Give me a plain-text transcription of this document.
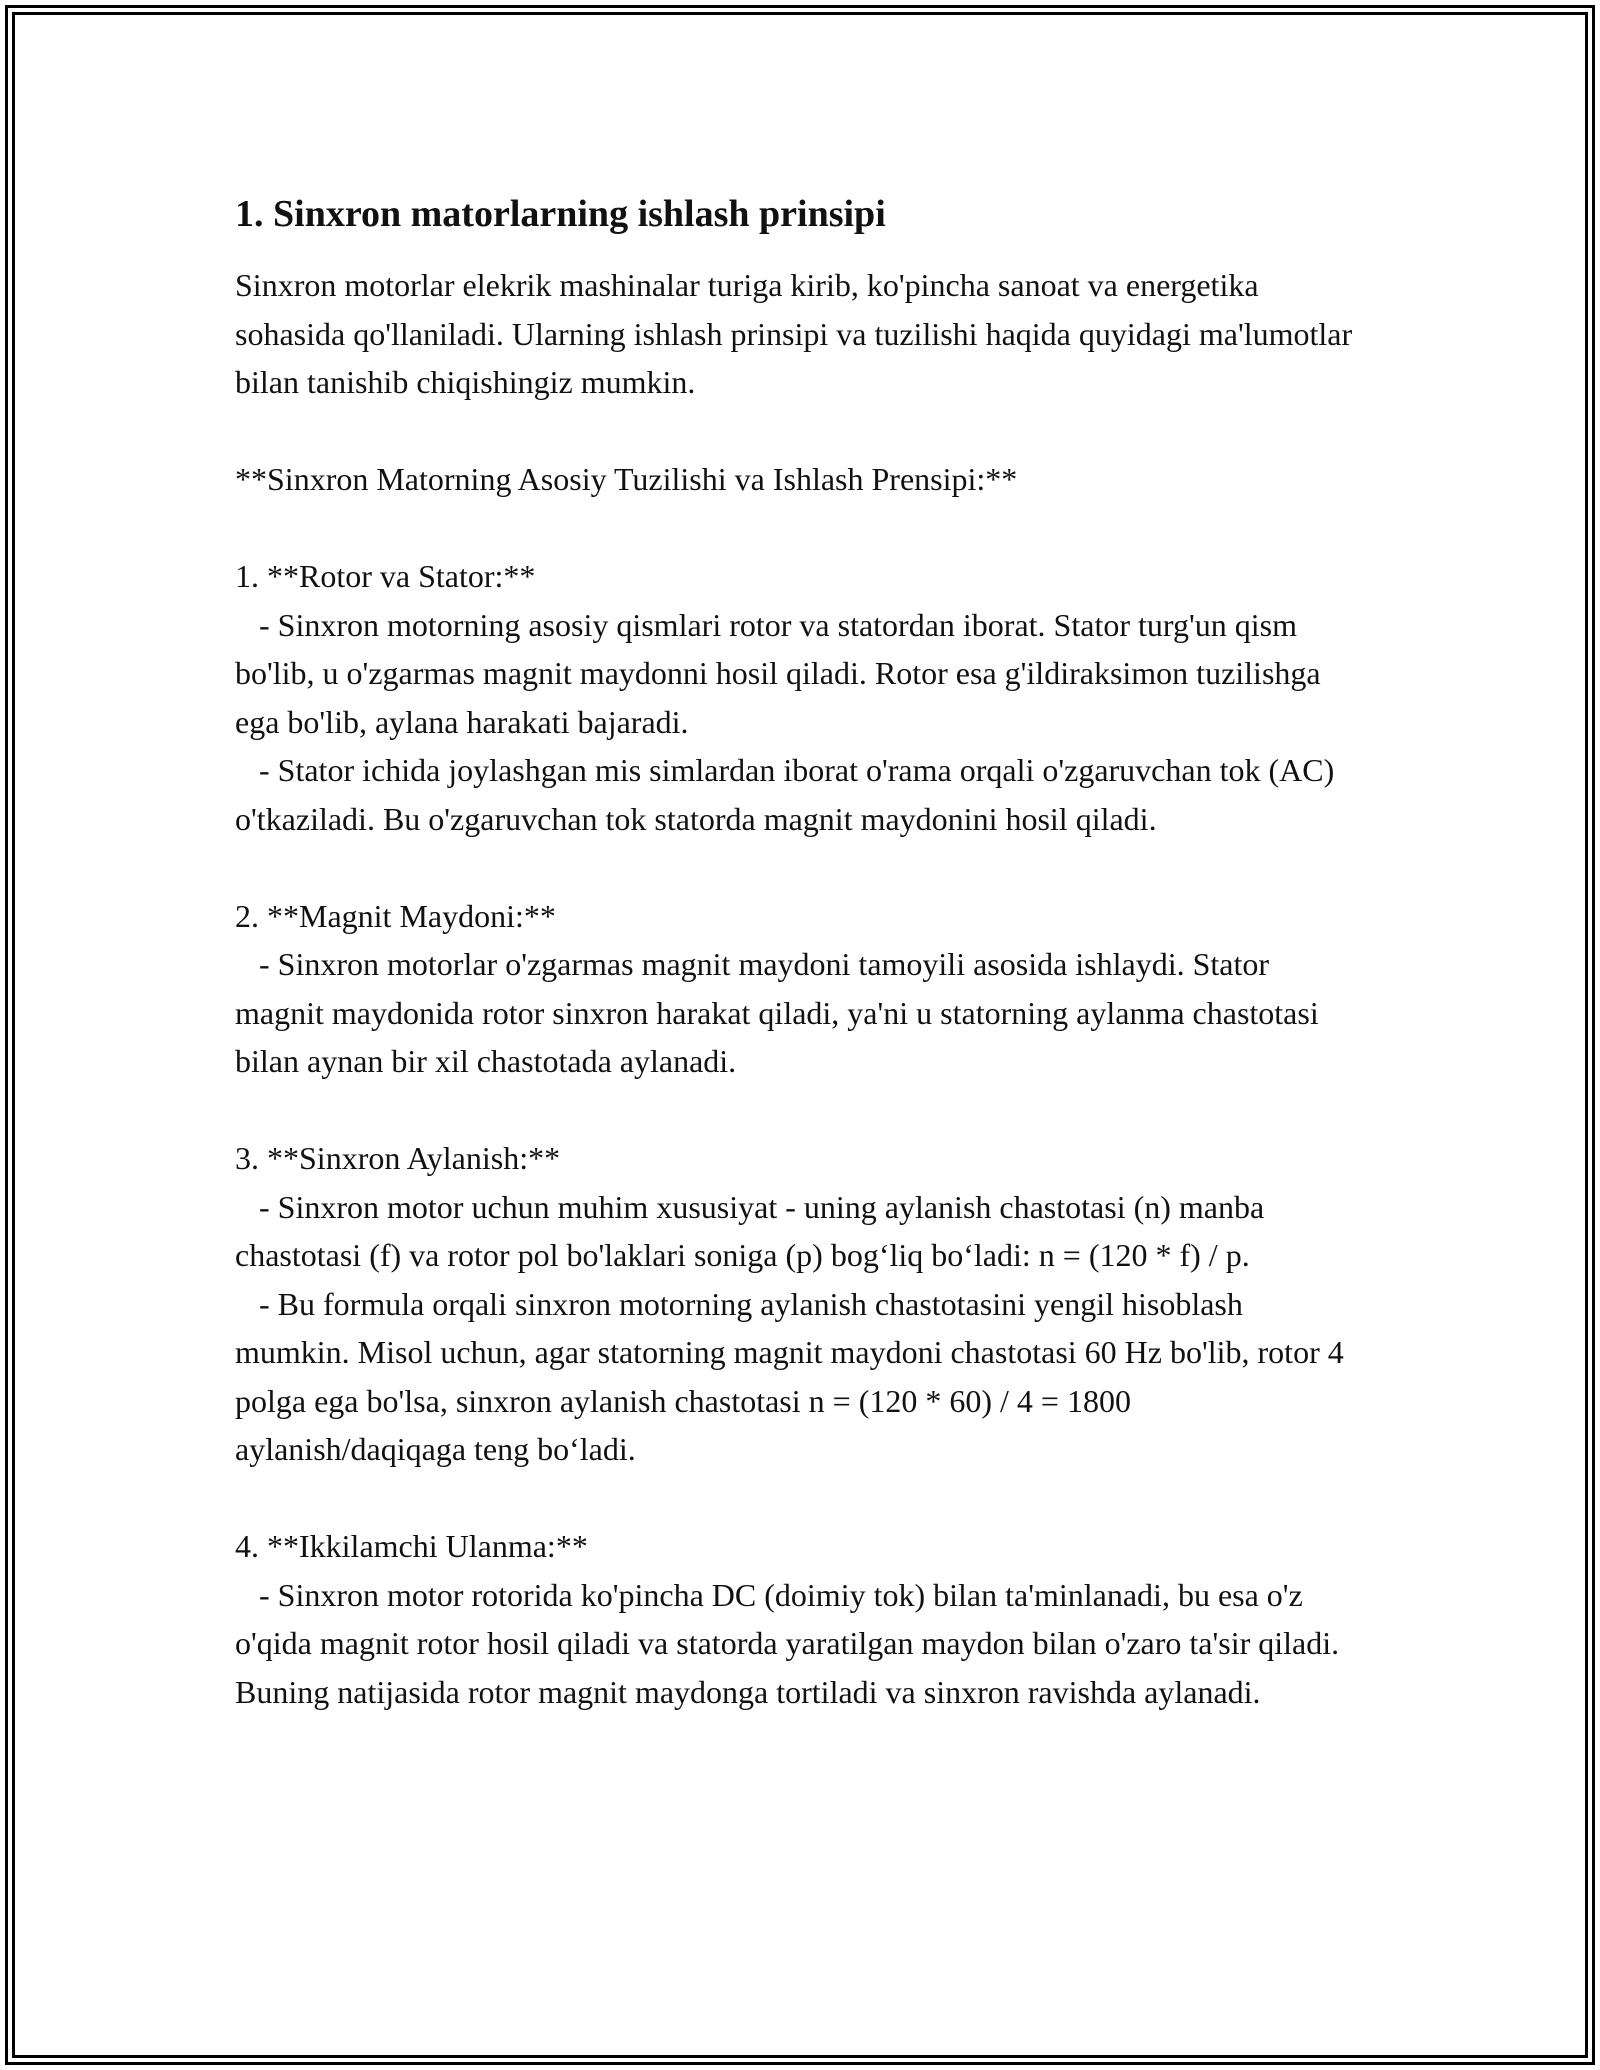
1. Sinxron matorlarning ishlash prinsipi
Sinxron motorlar elekrik mashinalar turiga kirib, ko'pincha sanoat va energetika sohasida qo'llaniladi. Ularning ishlash prinsipi va tuzilishi haqida quyidagi ma'lumotlar bilan tanishib chiqishingiz mumkin.

**Sinxron Matorning Asosiy Tuzilishi va Ishlash Prensipi:**

1. **Rotor va Stator:**
- Sinxron motorning asosiy qismlari rotor va statordan iborat. Stator turg'un qism bo'lib, u o'zgarmas magnit maydonni hosil qiladi. Rotor esa g'ildiraksimon tuzilishga ega bo'lib, aylana harakati bajaradi.
- Stator ichida joylashgan mis simlardan iborat o'rama orqali o'zgaruvchan tok (AC) o'tkaziladi. Bu o'zgaruvchan tok statorda magnit maydonini hosil qiladi.

2. **Magnit Maydoni:**
- Sinxron motorlar o'zgarmas magnit maydoni tamoyili asosida ishlaydi. Stator magnit maydonida rotor sinxron harakat qiladi, ya'ni u statorning aylanma chastotasi bilan aynan bir xil chastotada aylanadi.

3. **Sinxron Aylanish:**
- Sinxron motor uchun muhim xususiyat - uning aylanish chastotasi (n) manba chastotasi (f) va rotor pol bo'laklari soniga (p) bog‘liq bo‘ladi: n = (120 * f) / p.
- Bu formula orqali sinxron motorning aylanish chastotasini yengil hisoblash mumkin. Misol uchun, agar statorning magnit maydoni chastotasi 60 Hz bo'lib, rotor 4 polga ega bo'lsa, sinxron aylanish chastotasi n = (120 * 60) / 4 = 1800 aylanish/daqiqaga teng bo‘ladi.

4. **Ikkilamchi Ulanma:**
- Sinxron motor rotorida ko'pincha DC (doimiy tok) bilan ta'minlanadi, bu esa o'z o'qida magnit rotor hosil qiladi va statorda yaratilgan maydon bilan o'zaro ta'sir qiladi. Buning natijasida rotor magnit maydonga tortiladi va sinxron ravishda aylanadi.
